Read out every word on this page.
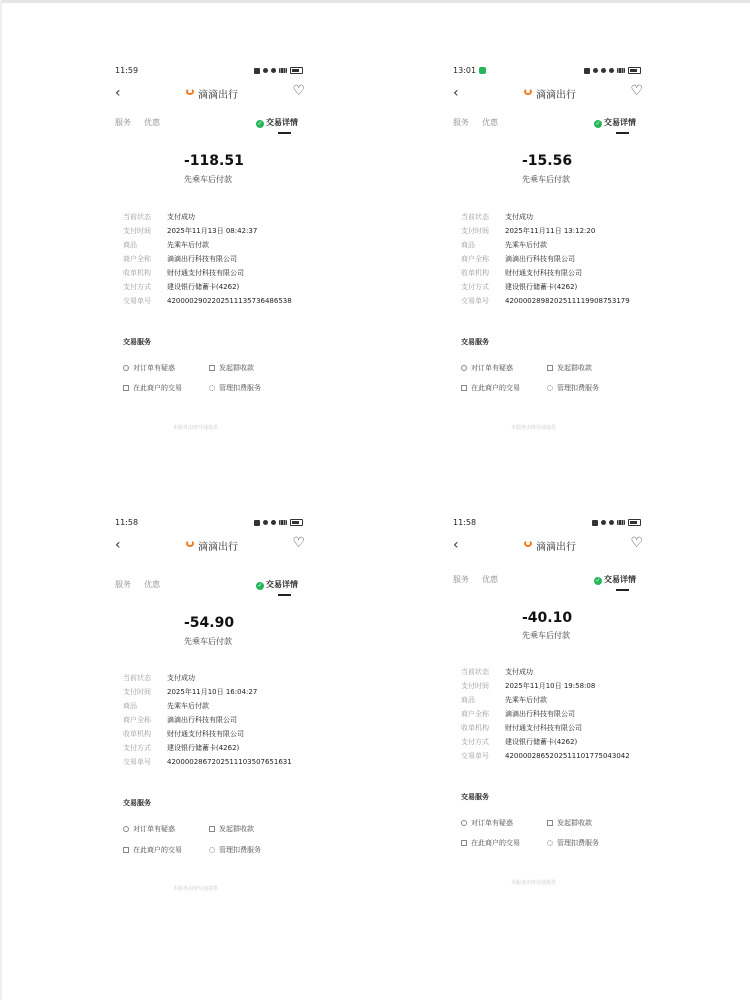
11:59
‹	滴滴出行	♡
服务 优惠	✓ 交易详情
-118.51
先乘车后付款
当前状态 支付成功
支付时间 2025年11月13日 08:42:37
商品	先乘车后付款
商户全称 滴滴出行科技有限公司
收单机构 财付通支付科技有限公司
支付方式 建设银行储蓄卡(4262)
交易单号 4200002902202511135736486538
交易服务
对订单有疑惑	发起群收款
在此商户的交易	管理扣费服务
本服务由财付通提供
13:01
‹	滴滴出行	♡
服务 优惠	✓ 交易详情
-15.56
先乘车后付款
当前状态 支付成功
支付时间 2025年11月11日 13:12:20
商品	先乘车后付款
商户全称 滴滴出行科技有限公司
收单机构 财付通支付科技有限公司
支付方式 建设银行储蓄卡(4262)
交易单号 4200002898202511119908753179
交易服务
对订单有疑惑	发起群收款
在此商户的交易	管理扣费服务
本服务由财付通提供
11:58
‹	滴滴出行	♡
服务 优惠	✓ 交易详情
-54.90
先乘车后付款
当前状态 支付成功
支付时间 2025年11月10日 16:04:27
商品	先乘车后付款
商户全称 滴滴出行科技有限公司
收单机构 财付通支付科技有限公司
支付方式 建设银行储蓄卡(4262)
交易单号 4200002867202511103507651631
交易服务
对订单有疑惑	发起群收款
在此商户的交易	管理扣费服务
本服务由财付通提供
11:58
‹	滴滴出行	♡
服务 优惠	✓ 交易详情
-40.10
先乘车后付款
当前状态 支付成功
支付时间 2025年11月10日 19:58:08
商品	先乘车后付款
商户全称 滴滴出行科技有限公司
收单机构 财付通支付科技有限公司
支付方式 建设银行储蓄卡(4262)
交易单号 4200002865202511101775043042
交易服务
对订单有疑惑	发起群收款
在此商户的交易	管理扣费服务
本服务由财付通提供
